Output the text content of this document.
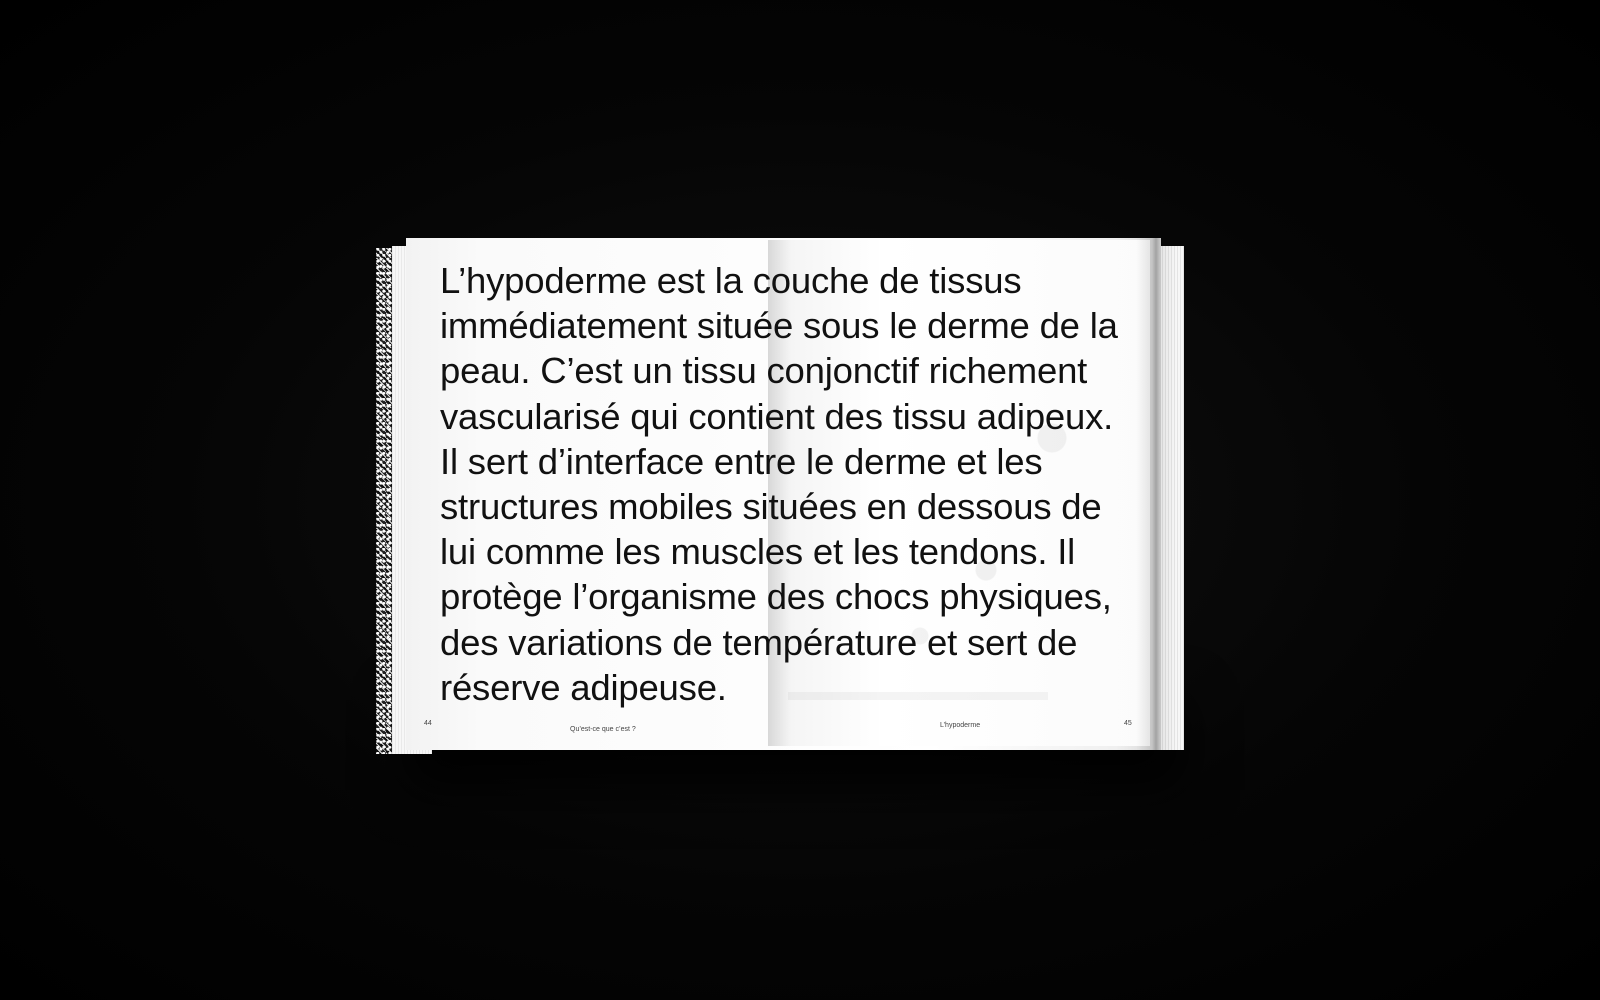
L’hypoderme est la couche de tissus
immédiatement située sous le derme de la
peau. C’est un tissu conjonctif richement
vascularisé qui contient des tissu adipeux.
Il sert d’interface entre le derme et les
structures mobiles situées en dessous de
lui comme les muscles et les tendons. Il
protège l’organisme des chocs physiques,
des variations de température et sert de
réserve adipeuse.

44
Qu’est-ce que c’est ?
L’hypoderme	45
